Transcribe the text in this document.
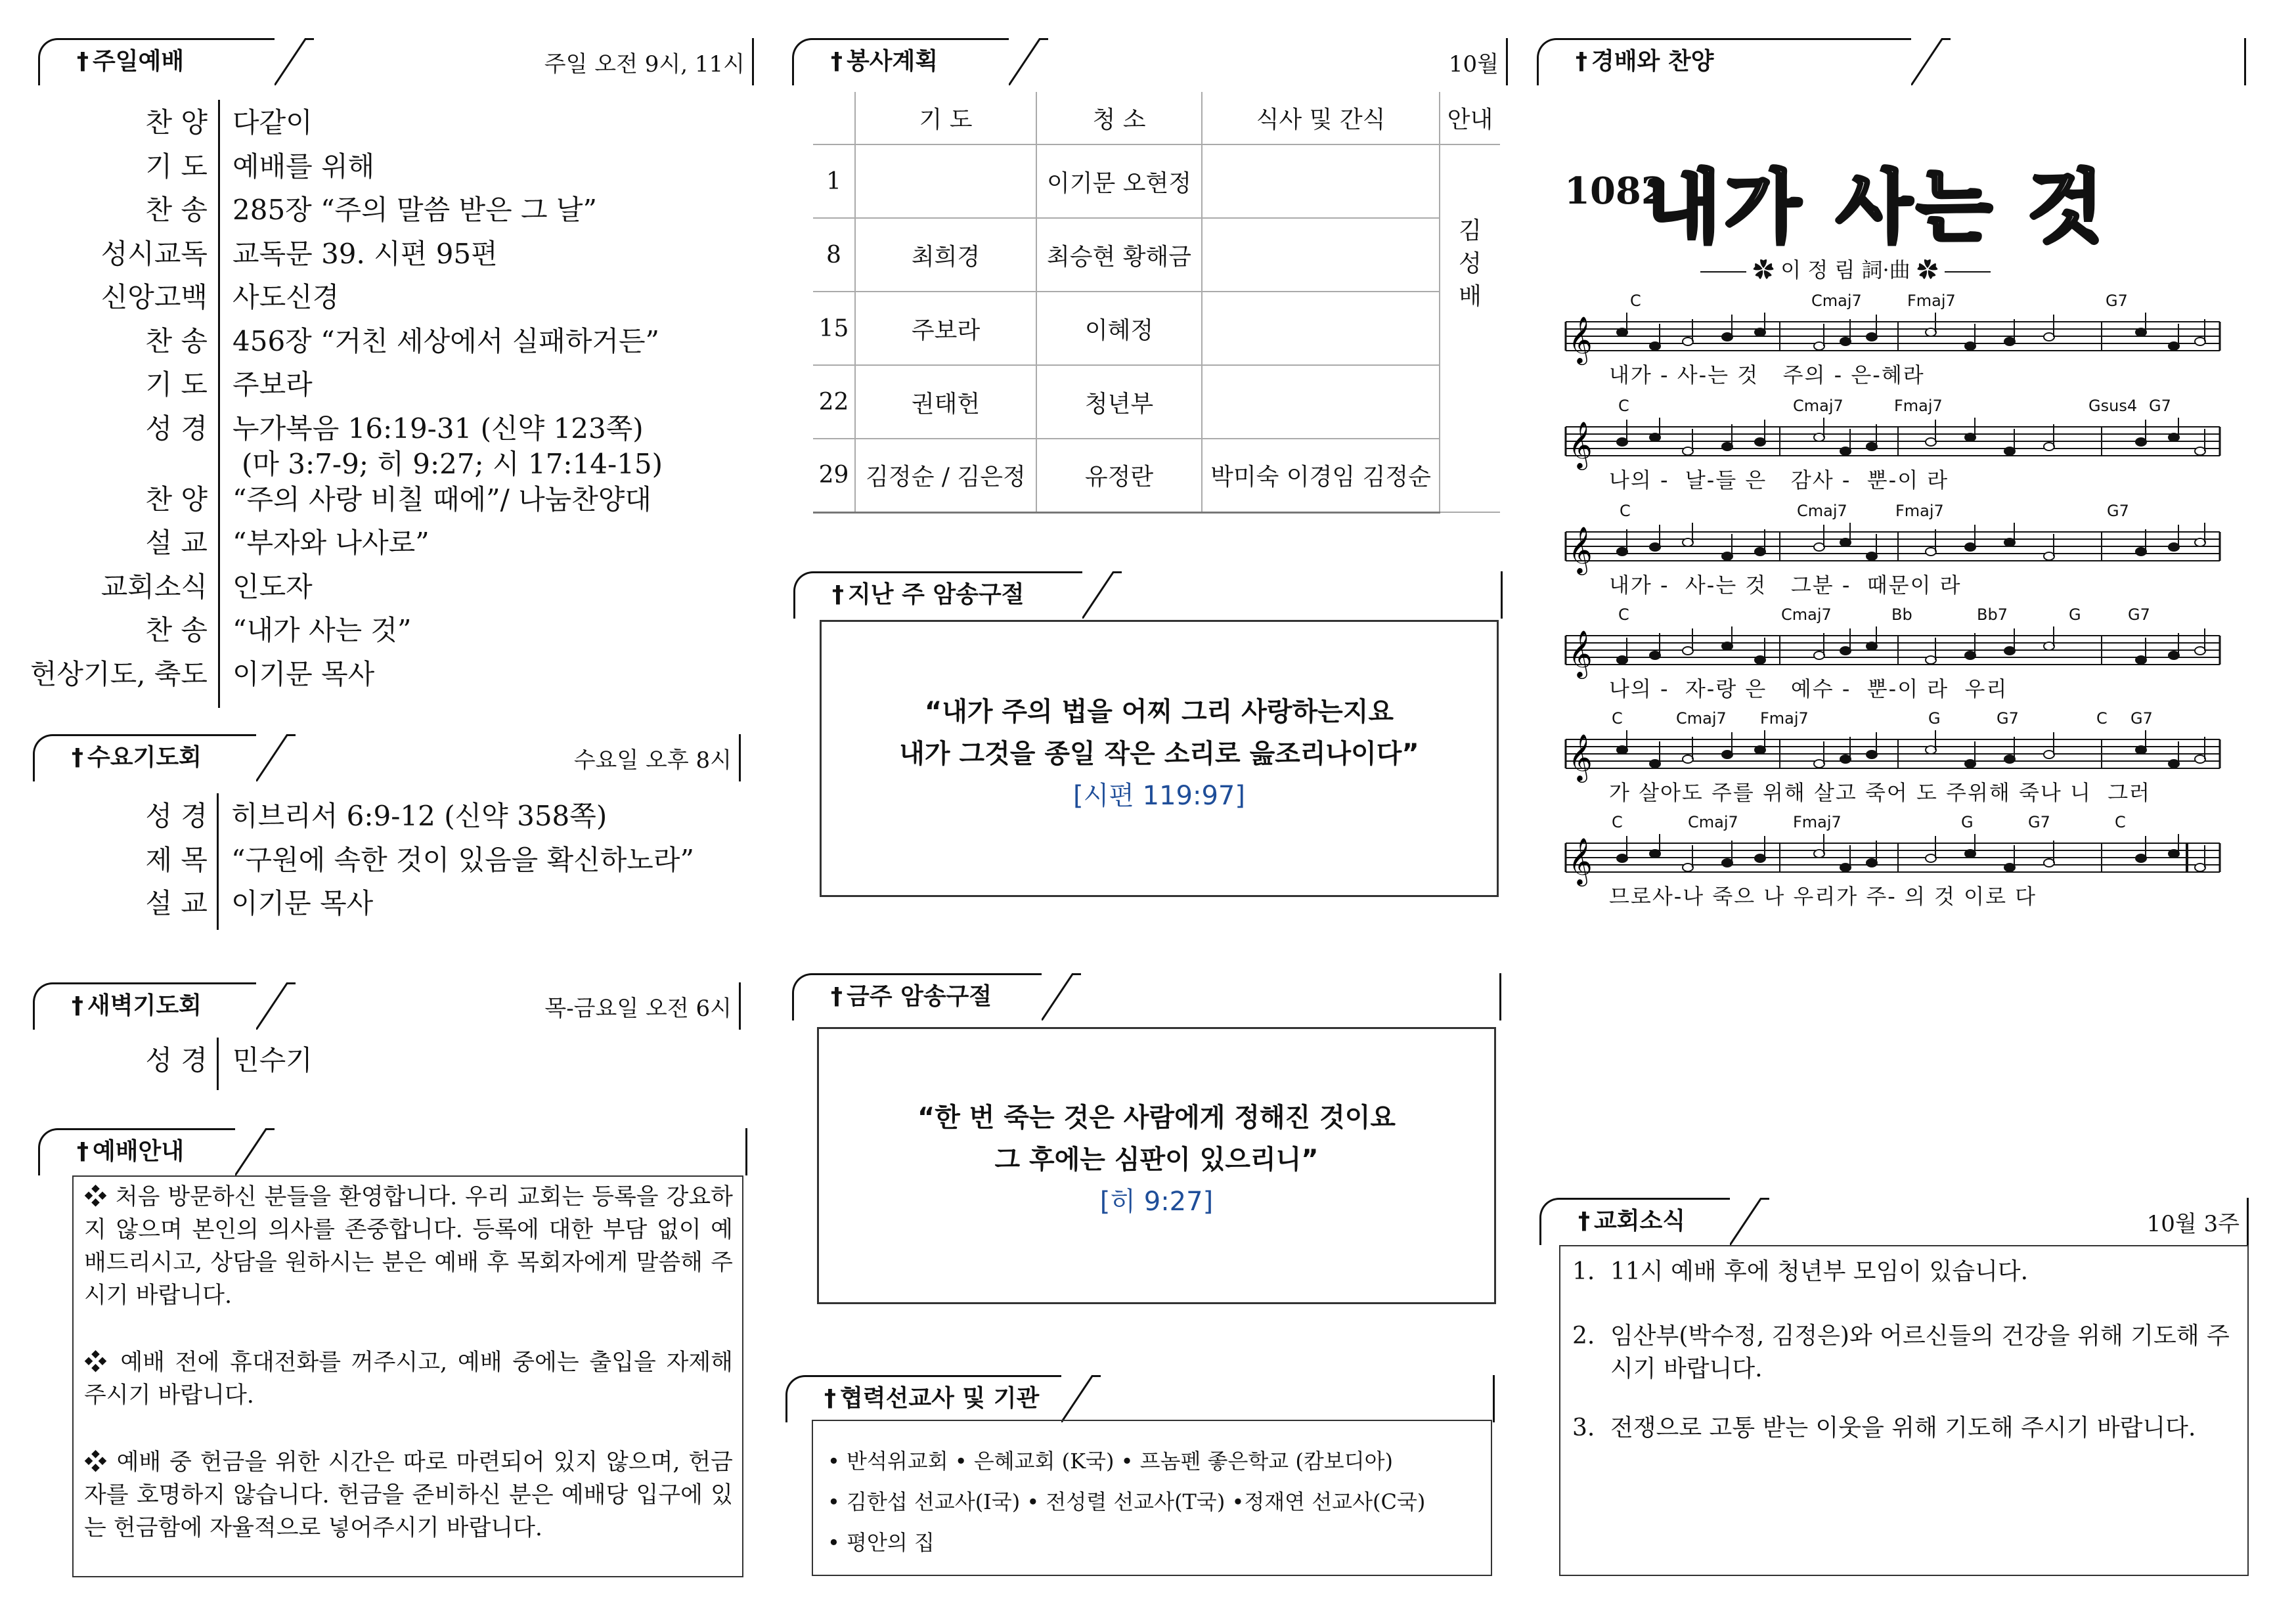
† 주일예배	주일 오전 9시, 11시
찬 양 다같이
기 도 예배를 위해
찬 송 285장 “주의 말씀 받은 그 날”
성시교독 교독문 39. 시편 95편
신앙고백 사도신경
찬 송 456장 “거친 세상에서 실패하거든”
기 도 주보라
성 경 누가복음 16:19-31 (신약 123쪽)
(마 3:7-9; 히 9:27; 시 17:14-15)
찬 양 “주의 사랑 비칠 때에”/ 나눔찬양대
설 교 “부자와 나사로”
교회소식 인도자
찬 송 “내가 사는 것”
헌상기도, 축도 이기문 목사
† 수요기도회	수요일 오후 8시
성 경 히브리서 6:9-12 (신약 358쪽)
제 목 “구원에 속한 것이 있음을 확신하노라”
설 교 이기문 목사
† 새벽기도회	목-금요일 오전 6시
성 경 민수기
† 예배안내

❖ 처음 방문하신 분들을 환영합니다. 우리 교회는 등록을 강요하지 않으며 본인의 의사를 존중합니다. 등록에 대한 부담 없이 예배드리시고, 상담을 원하시는 분은 예배 후 목회자에게 말씀해 주시기 바랍니다.

❖ 예배 전에 휴대전화를 꺼주시고, 예배 중에는 출입을 자제해 주시기 바랍니다.

❖ 예배 중 헌금을 위한 시간은 따로 마련되어 있지 않으며, 헌금자를 호명하지 않습니다. 헌금을 준비하신 분은 예배당 입구에 있는 헌금함에 자율적으로 넣어주시기 바랍니다.

† 봉사계획	10월
	기 도	청 소	식사 및 간식	안내
1		이기문 오현정		김
성
배

8	최희경	최승현 황해금		
15	주보라	이혜정		
22	권태헌	청년부		
29	김정순 / 김은정	유정란	박미숙 이경임 김정순	
† 지난 주 암송구절
“내가 주의 법을 어찌 그리 사랑하는지요
내가 그것을 종일 작은 소리로 읊조리나이다”
[시편 119:97]
† 금주 암송구절
“한 번 죽는 것은 사람에게 정해진 것이요
그 후에는 심판이 있으리니”
[히 9:27]
† 협력선교사 및 기관
• 반석위교회 • 은혜교회 (K국) • 프놈펜 좋은학교 (캄보디아)
• 김한섭 선교사(I국) • 전성렬 선교사(T국) •정재연 선교사(C국)
• 평안의 집
† 경배와 찬양
1082
내가 사는 것
✿ 이 정 림 詞·曲 ✿
𝄞
C	Cmaj7	Fmaj7	G7
내가 - 사-는 것   주의 - 은-혜라
𝄞
C	Cmaj7	Fmaj7	Gsus4 G7
나의 -  날-들 은   감사 -  뿐-이 라
𝄞
C	Cmaj7	Fmaj7	G7
내가 -  사-는 것   그분 -  때문이 라
𝄞
C	Cmaj7	Bb	Bb7	G	G7
나의 -  자-랑 은   예수 -  뿐-이 라  우리
𝄞
C	Cmaj7 Fmaj7	G	G7	C G7
가 살아도 주를 위해 살고 죽어 도 주위해 죽나 니  그러
𝄞
C	Cmaj7	Fmaj7	G	G7	C
므로사-나 죽으 나 우리가 주- 의 것 이로 다
† 교회소식	10월 3주
1. 11시 예배 후에 청년부 모임이 있습니다.
2. 임산부(박수정, 김정은)와 어르신들의 건강을 위해 기도해 주시기 바랍니다.
3. 전쟁으로 고통 받는 이웃을 위해 기도해 주시기 바랍니다.
